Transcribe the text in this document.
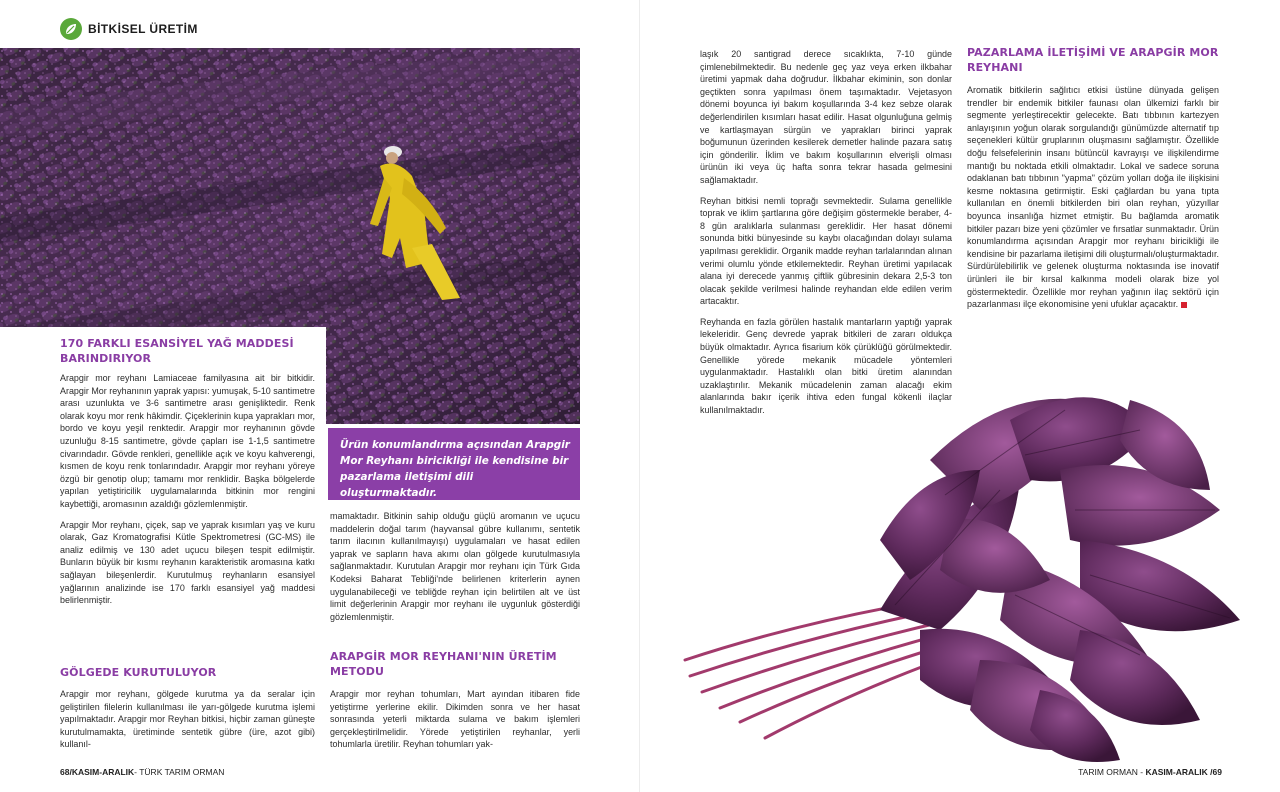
BİTKİSEL ÜRETİM
170 FARKLI ESANSİYEL YAĞ MADDESİ BARINDIRIYOR

Arapgir mor reyhanı Lamiaceae familyasına ait bir bitkidir. Arapgir Mor reyhanının yaprak yapısı: yumuşak, 5-10 santimetre arası uzunlukta ve 3-6 santimetre arası genişliktedir. Renk olarak koyu mor renk hâkimdir. Çiçeklerinin kupa yaprakları mor, bordo ve koyu yeşil renktedir. Arapgir mor reyhanının gövde uzunluğu 8-15 santimetre, gövde çapları ise 1-1,5 santimetre civarındadır. Gövde renkleri, genellikle açık ve koyu kahverengi, kısmen de koyu renk tonlarındadır. Arapgir mor reyhanı yöreye özgü bir genotip olup; tamamı mor renklidir. Başka bölgelerde yapılan yetiştiricilik uygulamalarında bitkinin mor rengini kaybettiği, aromasının azaldığı gözlemlenmiştir.

Arapgir Mor reyhanı, çiçek, sap ve yaprak kısımları yaş ve kuru olarak, Gaz Kromatografisi Kütle Spektrometresi (GC-MS) ile analiz edilmiş ve 130 adet uçucu bileşen tespit edilmiştir. Bunların büyük bir kısmı reyhanın karakteristik aromasına katkı sağlayan bileşenlerdir. Kurutulmuş reyhanların esansiyel yağlarının analizinde ise 170 farklı esansiyel yağ maddesi belirlenmiştir.

GÖLGEDE KURUTULUYOR

Arapgir mor reyhanı, gölgede kurutma ya da seralar için geliştirilen filelerin kullanılması ile yarı-gölgede kurutma işlemi yapılmaktadır. Arapgir mor Reyhan bitkisi, hiçbir zaman güneşte kurutulmamakta, üretiminde sentetik gübre (üre, azot gibi) kullanıl-

Ürün konumlandırma açısından Arapgir Mor Reyhanı biricikliği ile kendisine bir pazarlama iletişimi dili oluşturmaktadır.

mamaktadır. Bitkinin sahip olduğu güçlü aromanın ve uçucu maddelerin doğal tarım (hayvansal gübre kullanımı, sentetik tarım ilacının kullanılmayışı) uygulamaları ve hasat edilen yaprak ve sapların hava akımı olan gölgede kurutulmasıyla sağlanmaktadır. Kurutulan Arapgir mor reyhanı için Türk Gıda Kodeksi Baharat Tebliği'nde belirlenen kriterlerin aynen uygulanabileceği ve tebliğde reyhan için belirtilen alt ve üst limit değerlerinin Arapgir mor reyhanı ile uygunluk gösterdiği gözlemlenmiştir.

ARAPGİR MOR REYHANI'NIN ÜRETİM METODU

Arapgir mor reyhan tohumları, Mart ayından itibaren fide yetiştirme yerlerine ekilir. Dikimden sonra ve her hasat sonrasında yeterli miktarda sulama ve bakım işlemleri gerçekleştirilmelidir. Yörede yetiştirilen reyhanlar, yerli tohumlarla üretilir. Reyhan tohumları yak-

68/KASIM-ARALIK- TÜRK TARIM ORMAN

laşık 20 santigrad derece sıcaklıkta, 7-10 günde çimlenebilmektedir. Bu nedenle geç yaz veya erken ilkbahar üretimi yapmak daha doğrudur. İlkbahar ekiminin, son donlar geçtikten sonra yapılması önem taşımaktadır. Vejetasyon dönemi boyunca iyi bakım koşullarında 3-4 kez sebze olarak değerlendirilen kısımları hasat edilir. Hasat olgunluğuna gelmiş ve kartlaşmayan sürgün ve yaprakları birinci yaprak boğumunun üzerinden kesilerek demetler halinde pazara satış için gönderilir. İklim ve bakım koşullarının elverişli olması ürünün iki veya üç hafta sonra tekrar hasada gelmesini sağlamaktadır.

Reyhan bitkisi nemli toprağı sevmektedir. Sulama genellikle toprak ve iklim şartlarına göre değişim göstermekle beraber, 4-8 gün aralıklarla sulanması gereklidir. Her hasat dönemi sonunda bitki bünyesinde su kaybı olacağından dolayı sulama yapılması gereklidir. Organik madde reyhan tarlalarından alınan verimi olumlu yönde etkilemektedir. Reyhan üretimi yapılacak alana iyi derecede yanmış çiftlik gübresinin dekara 2,5-3 ton olacak şekilde verilmesi halinde reyhandan elde edilen verim artacaktır.

Reyhanda en fazla görülen hastalık mantarların yaptığı yaprak lekeleridir. Genç devrede yaprak bitkileri de zararı oldukça büyük olmaktadır. Ayrıca fisarium kök çürüklüğü görülmektedir. Genellikle yörede mekanik mücadele yöntemleri uygulanmaktadır. Hastalıklı olan bitki üretim alanından uzaklaştırılır. Mekanik mücadelenin zaman alacağı ekim alanlarında bakır içerik ihtiva eden fungal kökenli ilaçlar kullanılmaktadır.

PAZARLAMA İLETİŞİMİ VE ARAPGİR MOR REYHANI

Aromatik bitkilerin sağlıtıcı etkisi üstüne dünyada gelişen trendler bir endemik bitkiler faunası olan ülkemizi farklı bir segmente yerleştirecektir gelecekte. Batı tıbbının kartezyen anlayışının yoğun olarak sorgulandığı günümüzde alternatif tıp seçenekleri kültür gruplarının oluşmasını sağlamıştır. Özellikle doğu felsefelerinin insanı bütüncül kavrayışı ve ilişkilendirme mantığı bu noktada etkili olmaktadır. Lokal ve sadece soruna odaklanan batı tıbbının "yapma" çözüm yolları doğa ile ilişkisini kesme noktasına getirmiştir. Eski çağlardan bu yana tıpta kullanılan en önemli bitkilerden biri olan reyhan, yüzyıllar boyunca insanlığa hizmet etmiştir. Bu bağlamda aromatik bitkiler pazarı bize yeni çözümler ve fırsatlar sunmaktadır. Ürün konumlandırma açısından Arapgir mor reyhanı biricikliği ile kendisine bir pazarlama iletişimi dili oluşturmalı/oluşturmaktadır. Sürdürülebilirlik ve gelenek oluşturma noktasında ise inovatif ürünleri ile bir kırsal kalkınma modeli olarak bize yol göstermektedir. Özellikle mor reyhan yağının ilaç sektörü için pazarlanması ilçe ekonomisine yeni ufuklar açacaktır.

TARIM ORMAN - KASIM-ARALIK /69
